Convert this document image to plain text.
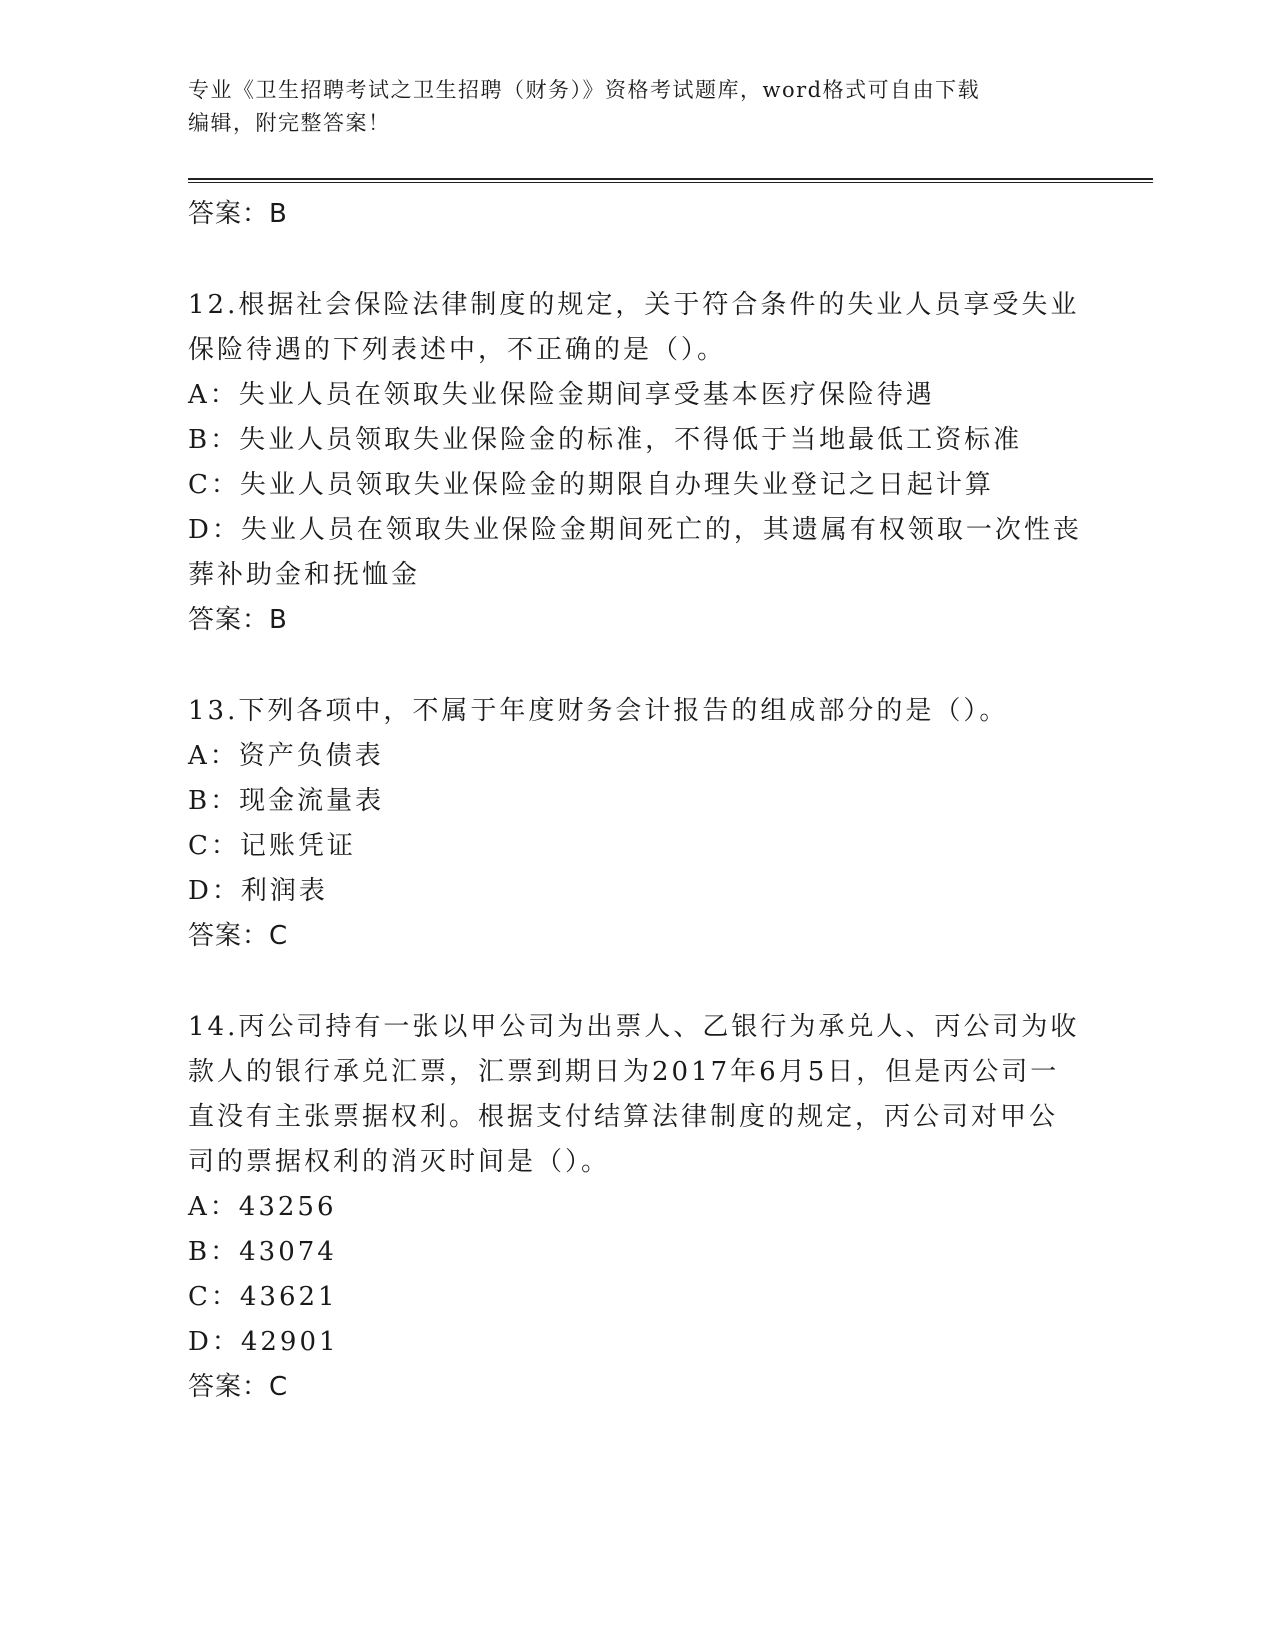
专业《卫生招聘考试之卫生招聘（财务）》资格考试题库，word格式可自由下载
编辑，附完整答案！
答案：B
12.根据社会保险法律制度的规定，关于符合条件的失业人员享受失业
保险待遇的下列表述中，不正确的是（）。
A：失业人员在领取失业保险金期间享受基本医疗保险待遇
B：失业人员领取失业保险金的标准，不得低于当地最低工资标准
C：失业人员领取失业保险金的期限自办理失业登记之日起计算
D：失业人员在领取失业保险金期间死亡的，其遗属有权领取一次性丧
葬补助金和抚恤金
答案：B
13.下列各项中，不属于年度财务会计报告的组成部分的是（）。
A：资产负债表
B：现金流量表
C：记账凭证
D：利润表
答案：C
14.丙公司持有一张以甲公司为出票人、乙银行为承兑人、丙公司为收
款人的银行承兑汇票，汇票到期日为2017年6月5日，但是丙公司一
直没有主张票据权利。根据支付结算法律制度的规定，丙公司对甲公
司的票据权利的消灭时间是（）。
A：43256
B：43074
C：43621
D：42901
答案：C
